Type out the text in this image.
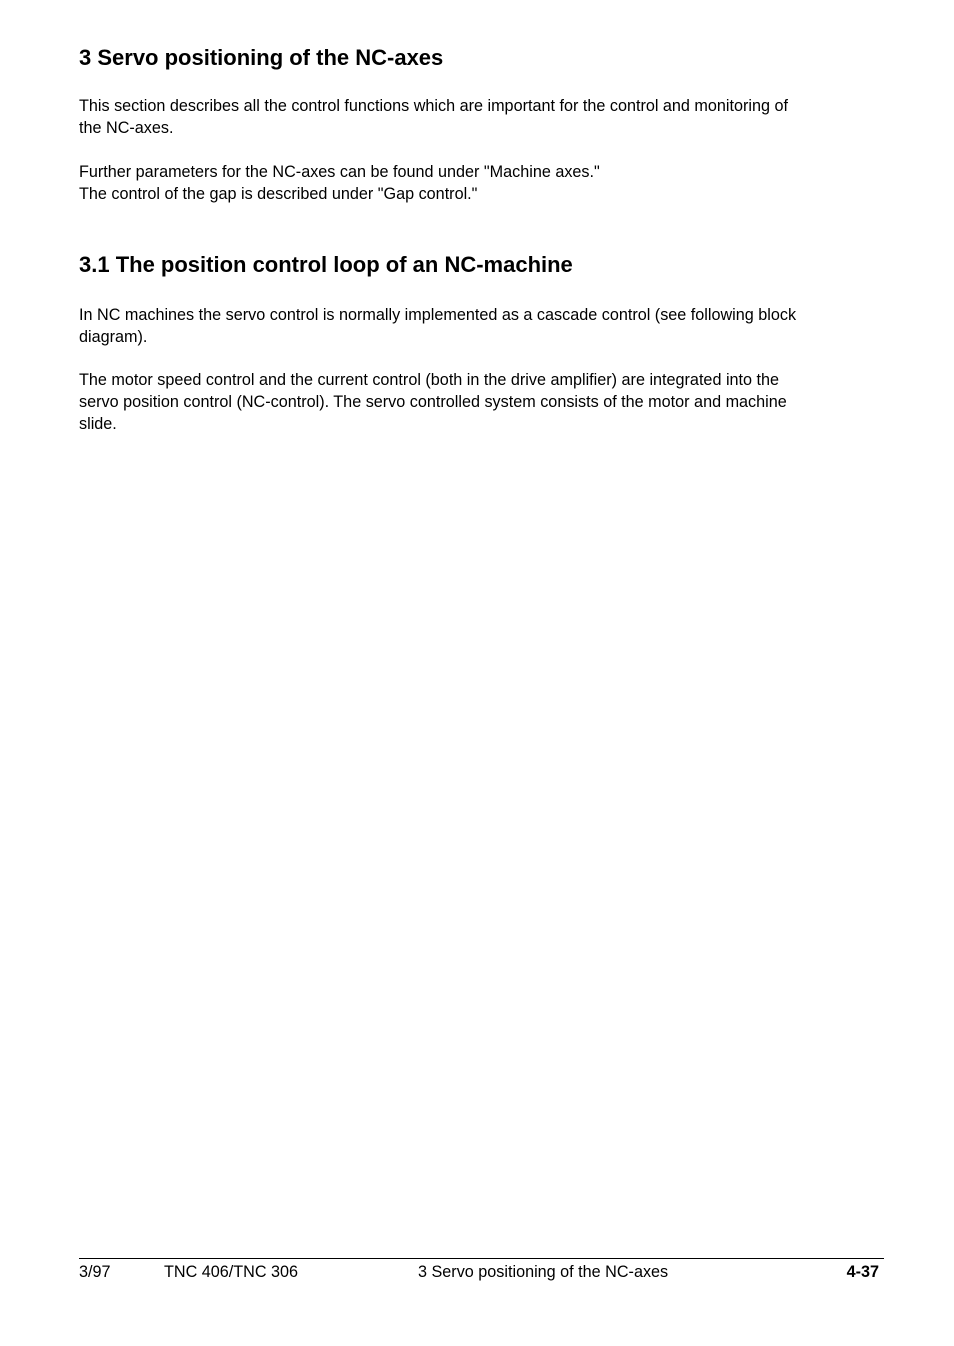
3 Servo positioning of the NC-axes

This section describes all the control functions which are important for the control and monitoring of
the NC-axes.

Further parameters for the NC-axes can be found under "Machine axes."
The control of the gap is described under "Gap control."

3.1 The position control loop of an NC-machine

In NC machines the servo control is normally implemented as a cascade control (see following block
diagram).

The motor speed control and the current control (both in the drive amplifier) are integrated into the
servo position control (NC-control). The servo controlled system consists of the motor and machine
slide.

3/97	TNC 406/TNC 306	3 Servo positioning of the NC-axes	4-37
